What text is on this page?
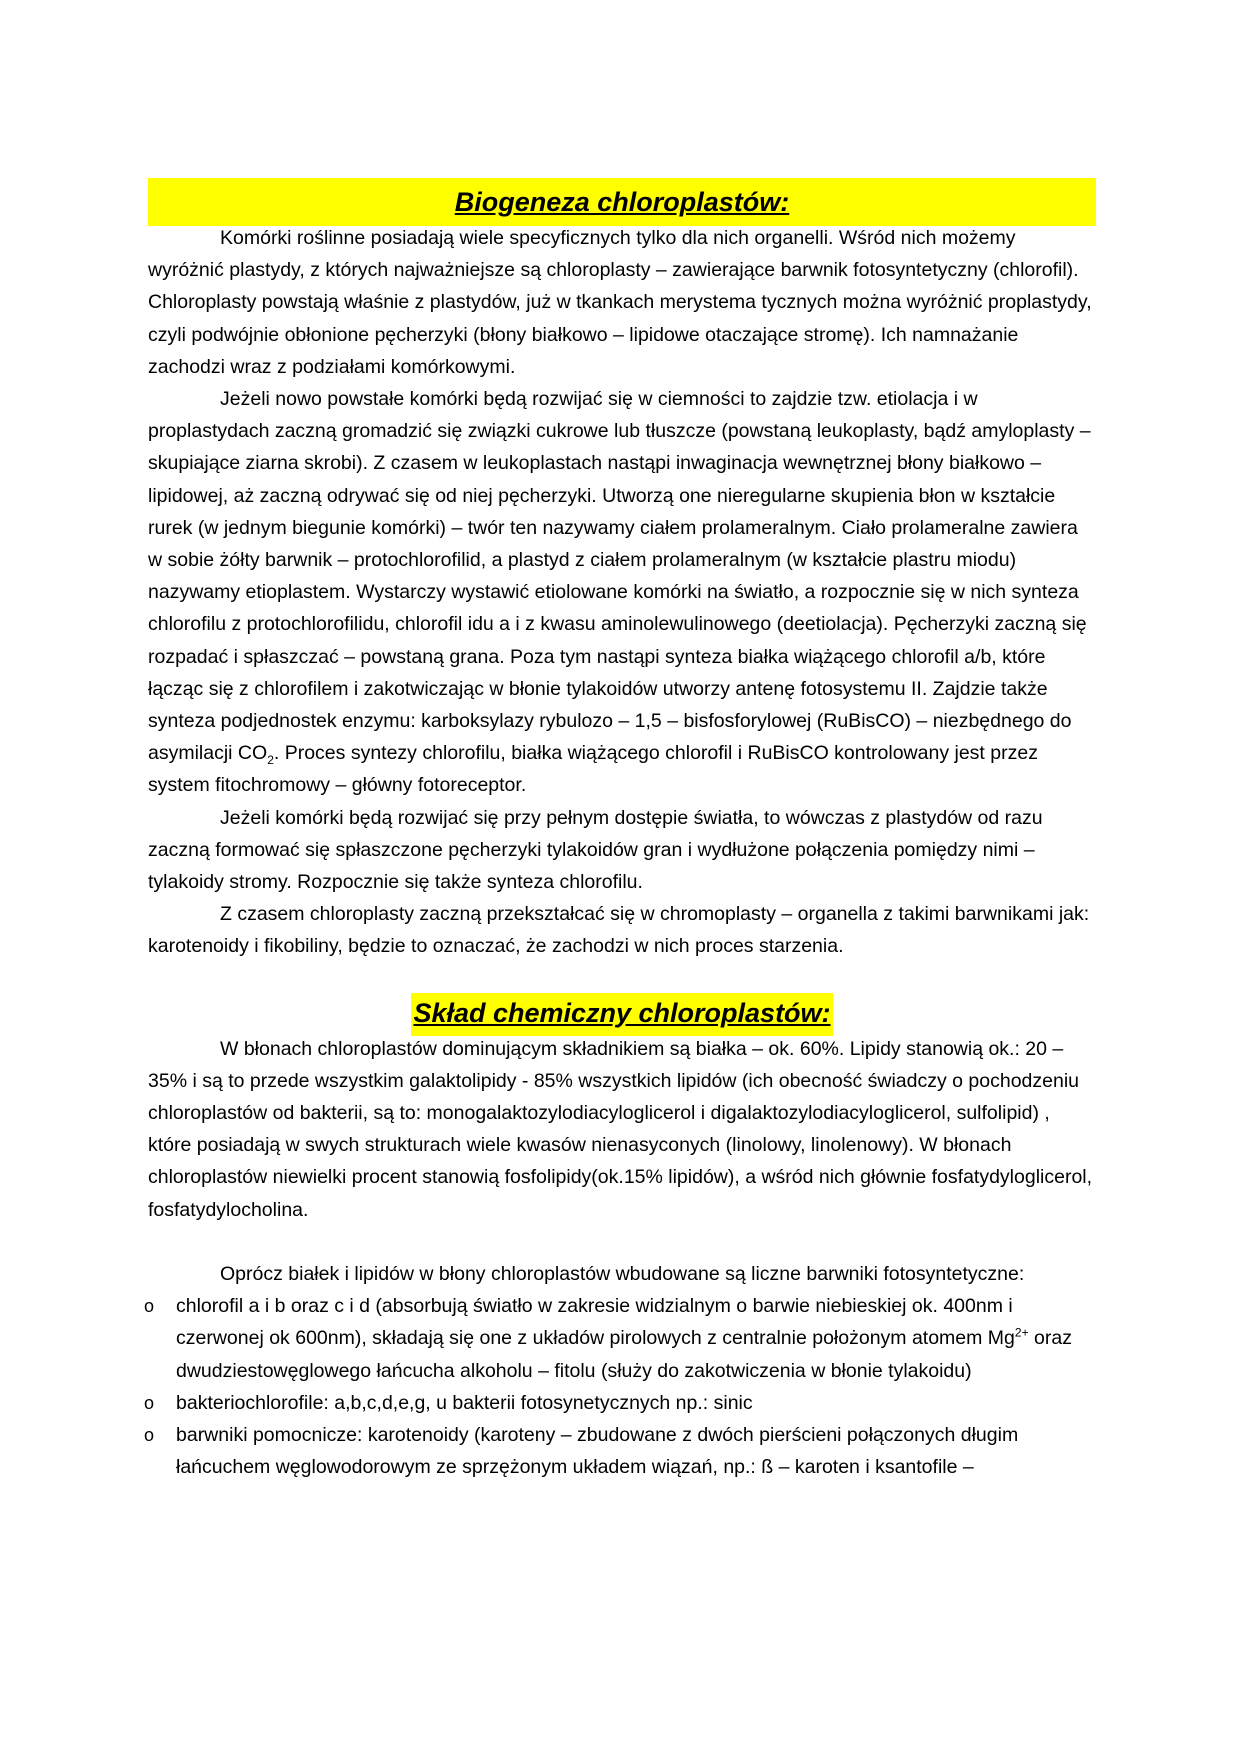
Biogeneza chloroplastów:

Komórki roślinne posiadają wiele specyficznych tylko dla nich organelli. Wśród nich możemy wyróżnić plastydy, z których najważniejsze są chloroplasty – zawierające barwnik fotosyntetyczny (chlorofil). Chloroplasty powstają właśnie z plastydów, już w tkankach merystema tycznych można wyróżnić proplastydy, czyli podwójnie obłonione pęcherzyki (błony białkowo – lipidowe otaczające stromę). Ich namnażanie zachodzi wraz z podziałami komórkowymi.

Jeżeli nowo powstałe komórki będą rozwijać się w ciemności to zajdzie tzw. etiolacja i w proplastydach zaczną gromadzić się związki cukrowe lub tłuszcze (powstaną leukoplasty, bądź amyloplasty – skupiające ziarna skrobi). Z czasem w leukoplastach nastąpi inwaginacja wewnętrznej błony białkowo – lipidowej, aż zaczną odrywać się od niej pęcherzyki. Utworzą one nieregularne skupienia błon w kształcie rurek (w jednym biegunie komórki) – twór ten nazywamy ciałem prolameralnym. Ciało prolameralne zawiera w sobie żółty barwnik – protochlorofilid, a plastyd z ciałem prolameralnym (w kształcie plastru miodu) nazywamy etioplastem. Wystarczy wystawić etiolowane komórki na światło, a rozpocznie się w nich synteza chlorofilu z protochlorofilidu, chlorofil idu a i z kwasu aminolewulinowego (deetiolacja). Pęcherzyki zaczną się rozpadać i spłaszczać – powstaną grana. Poza tym nastąpi synteza białka wiążącego chlorofil a/b, które łącząc się z chlorofilem i zakotwiczając w błonie tylakoidów utworzy antenę fotosystemu II. Zajdzie także synteza podjednostek enzymu: karboksylazy rybulozo – 1,5 – bisfosforylowej (RuBisCO) – niezbędnego do asymilacji $CO_2$. Proces syntezy chlorofilu, białka wiążącego chlorofil i RuBisCO kontrolowany jest przez system fitochromowy – główny fotoreceptor.

Jeżeli komórki będą rozwijać się przy pełnym dostępie światła, to wówczas z plastydów od razu zaczną formować się spłaszczone pęcherzyki tylakoidów gran i wydłużone połączenia pomiędzy nimi – tylakoidy stromy. Rozpocznie się także synteza chlorofilu.

Z czasem chloroplasty zaczną przekształcać się w chromoplasty – organella z takimi barwnikami jak: karotenoidy i fikobiliny, będzie to oznaczać, że zachodzi w nich proces starzenia.

Skład chemiczny chloroplastów:

W błonach chloroplastów dominującym składnikiem są białka – ok. 60%. Lipidy stanowią ok.: 20 – 35% i są to przede wszystkim galaktolipidy - 85% wszystkich lipidów (ich obecność świadczy o pochodzeniu chloroplastów od bakterii, są to: monogalaktozylodiacyloglicerol i digalaktozylodiacyloglicerol, sulfolipid) , które posiadają w swych strukturach wiele kwasów nienasyconych (linolowy, linolenowy). W błonach chloroplastów niewielki procent stanowią fosfolipidy(ok.15% lipidów), a wśród nich głównie fosfatydyloglicerol, fosfatydylocholina.

Oprócz białek i lipidów w błony chloroplastów wbudowane są liczne barwniki fotosyntetyczne:

o chlorofil a i b oraz c i d (absorbują światło w zakresie widzialnym o barwie niebieskiej ok. 400nm i czerwonej ok 600nm), składają się one z układów pirolowych z centralnie położonym atomem $Mg^{2+}$ oraz dwudziestowęglowego łańcucha alkoholu – fitolu (służy do zakotwiczenia w błonie tylakoidu)
o bakteriochlorofile: a,b,c,d,e,g, u bakterii fotosynetycznych np.: sinic
o barwniki pomocnicze: karotenoidy (karoteny – zbudowane z dwóch pierścieni połączonych długim łańcuchem węglowodorowym ze sprzężonym układem wiązań, np.: ß – karoten i ksantofile –
